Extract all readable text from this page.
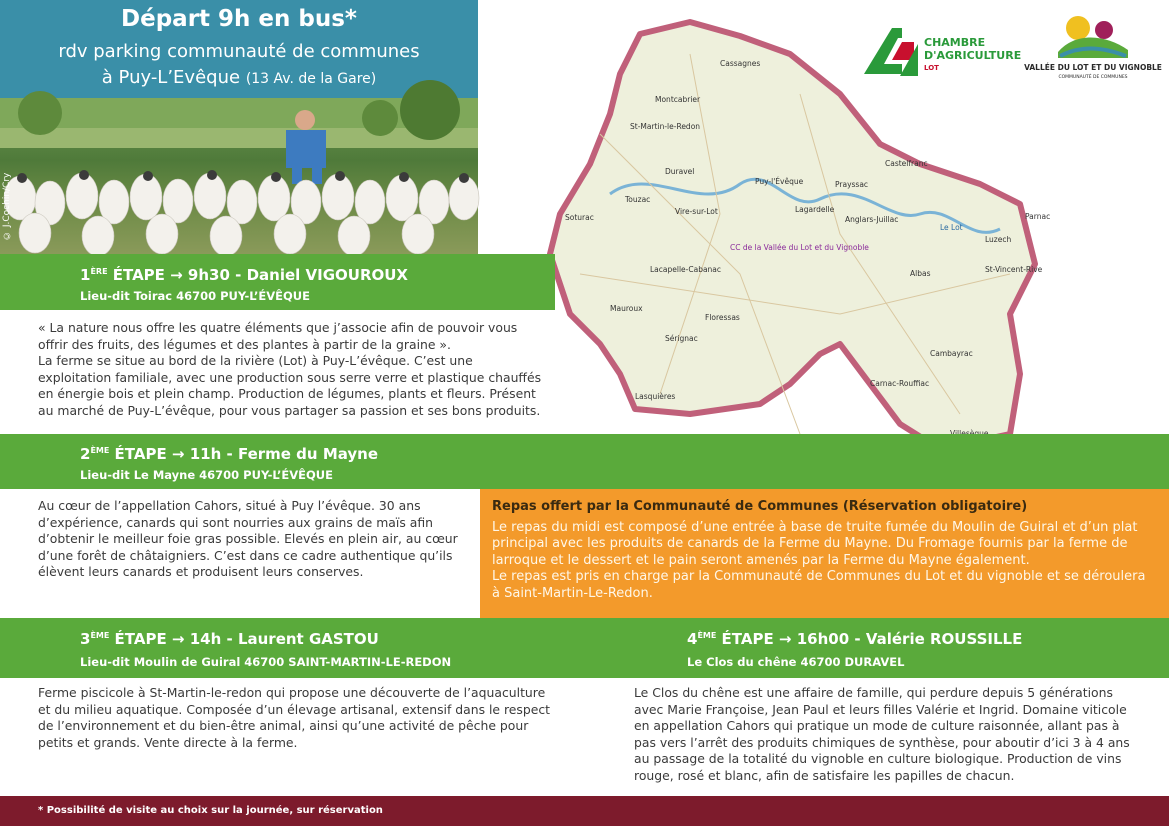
Départ 9h en bus*
rdv parking communauté de communes
à Puy-L’Evêque (13 Av. de la Gare)
© J.Cochin/Cry
Cassagnes
Montcabrier
St-Martin-le-Redon
Duravel
Puy-l'Évêque	Prayssac
Castelfranc
Touzac
Soturac
Vire-sur-Lot	Lagardelle
Anglars-Juillac
Le Lot
Luzech
Parnac
Lacapelle-Cabanac	Albas	St-Vincent-Rive
Mauroux
Floressas
Sérignac
Cambayrac
Carnac-Rouffiac
Lasquières
CC de la Vallée du Lot et du Vignoble
CHAMBRE
D'AGRICULTURE
LOT	VALLÉE DU LOT ET DU VIGNOBLE
COMMUNAUTÉ DE COMMUNES
1ÈRE ÉTAPE → 9h30 - Daniel VIGOUROUX
Lieu-dit Toirac 46700 PUY-L’ÉVÊQUE
« La nature nous offre les quatre éléments que j’associe afin de pouvoir vous offrir des fruits, des légumes et des plantes à partir de la graine ».
La ferme se situe au bord de la rivière (Lot) à Puy-L’évêque. C’est une exploitation familiale, avec une production sous serre verre et plastique chauffés en énergie bois et plein champ. Production de légumes, plants et fleurs. Présent au marché de Puy-L’évêque, pour vous partager sa passion et ses bons produits.
2ÈME ÉTAPE → 11h - Ferme du Mayne
Lieu-dit Le Mayne 46700 PUY-L’ÉVÊQUE
Au cœur de l’appellation Cahors, situé à Puy l’évêque. 30 ans d’expérience, canards qui sont nourries aux grains de maïs afin d’obtenir le meilleur foie gras possible. Elevés en plein air, au cœur d’une forêt de châtaigniers. C’est dans ce cadre authentique qu’ils élèvent leurs canards et produisent leurs conserves.
Repas offert par la Communauté de Communes (Réservation obligatoire)
Le repas du midi est composé d’une entrée à base de truite fumée du Moulin de Guiral et d’un plat principal avec les produits de canards de la Ferme du Mayne. Du Fromage fournis par la ferme de larroque et le dessert et le pain seront amenés par la Ferme du Mayne également.
Le repas est pris en charge par la Communauté de Communes du Lot et du vignoble et se déroulera à Saint-Martin-Le-Redon.
3ÈME ÉTAPE → 14h - Laurent GASTOU
Lieu-dit Moulin de Guiral 46700 SAINT-MARTIN-LE-REDON
4ÈME ÉTAPE → 16h00 - Valérie ROUSSILLE
Le Clos du chêne 46700 DURAVEL
Ferme piscicole à St-Martin-le-redon qui propose une découverte de l’aquaculture et du milieu aquatique. Composée d’un élevage artisanal, extensif dans le respect de l’environnement et du bien-être animal, ainsi qu’une activité de pêche pour petits et grands. Vente directe à la ferme.
Le Clos du chêne est une affaire de famille, qui perdure depuis 5 générations avec Marie Françoise, Jean Paul et leurs filles Valérie et Ingrid. Domaine viticole en appellation Cahors qui pratique un mode de culture raisonnée, allant pas à pas vers l’arrêt des produits chimiques de synthèse, pour aboutir d’ici 3 à 4 ans au passage de la totalité du vignoble en culture biologique. Production de vins rouge, rosé et blanc, afin de satisfaire les papilles de chacun.
* Possibilité de visite au choix sur la journée, sur réservation
